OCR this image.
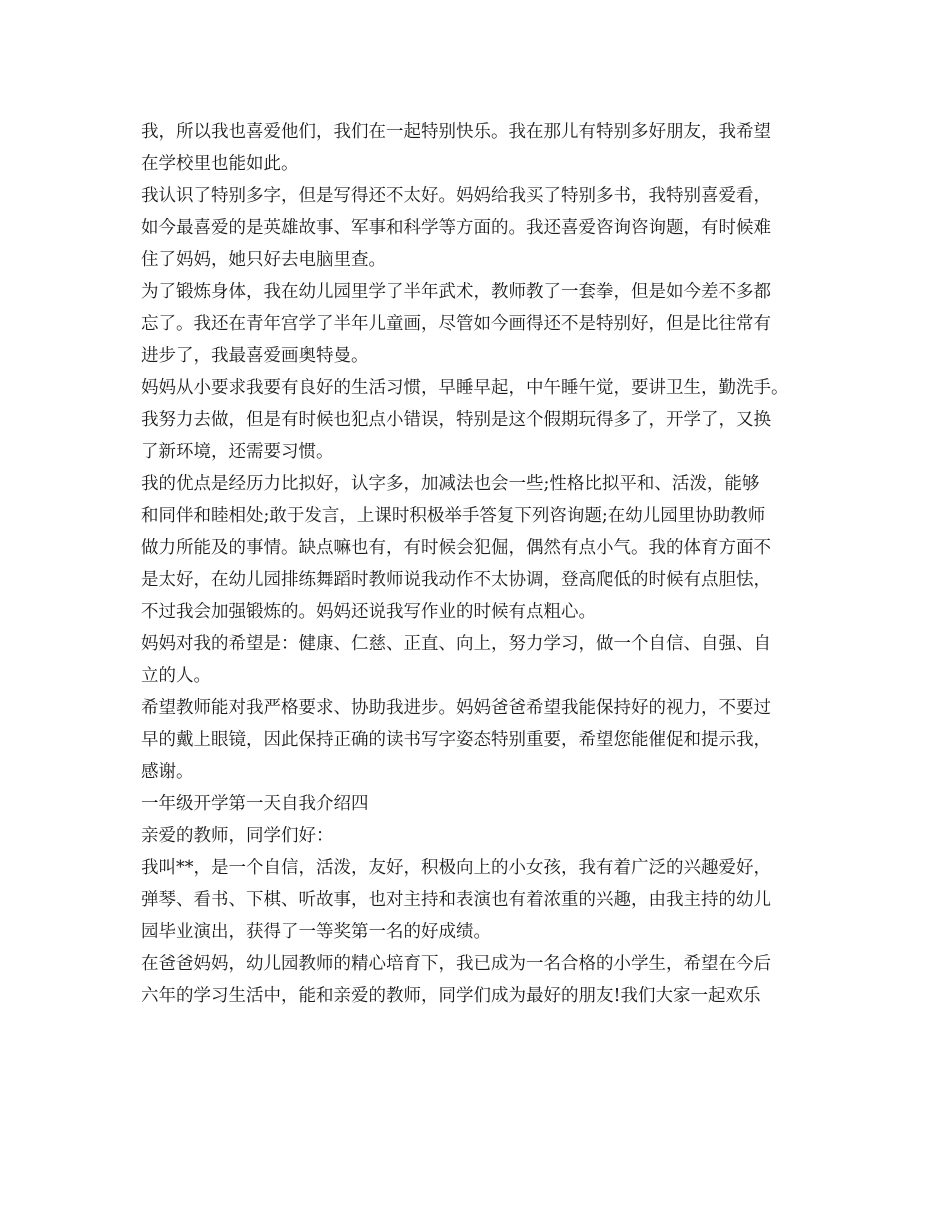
我，所以我也喜爱他们，我们在一起特别快乐。我在那儿有特别多好朋友，我希望

在学校里也能如此。

我认识了特别多字，但是写得还不太好。妈妈给我买了特别多书，我特别喜爱看，

如今最喜爱的是英雄故事、军事和科学等方面的。我还喜爱咨询咨询题，有时候难

住了妈妈，她只好去电脑里查。

为了锻炼身体，我在幼儿园里学了半年武术，教师教了一套拳，但是如今差不多都

忘了。我还在青年宫学了半年儿童画，尽管如今画得还不是特别好，但是比往常有

进步了，我最喜爱画奥特曼。

妈妈从小要求我要有良好的生活习惯，早睡早起，中午睡午觉，要讲卫生，勤洗手。

我努力去做，但是有时候也犯点小错误，特别是这个假期玩得多了，开学了，又换

了新环境，还需要习惯。

我的优点是经历力比拟好，认字多，加减法也会一些;性格比拟平和、活泼，能够

和同伴和睦相处;敢于发言，上课时积极举手答复下列咨询题;在幼儿园里协助教师

做力所能及的事情。缺点嘛也有，有时候会犯倔，偶然有点小气。我的体育方面不

是太好，在幼儿园排练舞蹈时教师说我动作不太协调，登高爬低的时候有点胆怯，

不过我会加强锻炼的。妈妈还说我写作业的时候有点粗心。

妈妈对我的希望是：健康、仁慈、正直、向上，努力学习，做一个自信、自强、自

立的人。

希望教师能对我严格要求、协助我进步。妈妈爸爸希望我能保持好的视力，不要过

早的戴上眼镜，因此保持正确的读书写字姿态特别重要，希望您能催促和提示我，

感谢。

一年级开学第一天自我介绍四

亲爱的教师，同学们好：

我叫**，是一个自信，活泼，友好，积极向上的小女孩，我有着广泛的兴趣爱好，

弹琴、看书、下棋、听故事，也对主持和表演也有着浓重的兴趣，由我主持的幼儿

园毕业演出，获得了一等奖第一名的好成绩。

在爸爸妈妈，幼儿园教师的精心培育下，我已成为一名合格的小学生，希望在今后

六年的学习生活中，能和亲爱的教师，同学们成为最好的朋友!我们大家一起欢乐
